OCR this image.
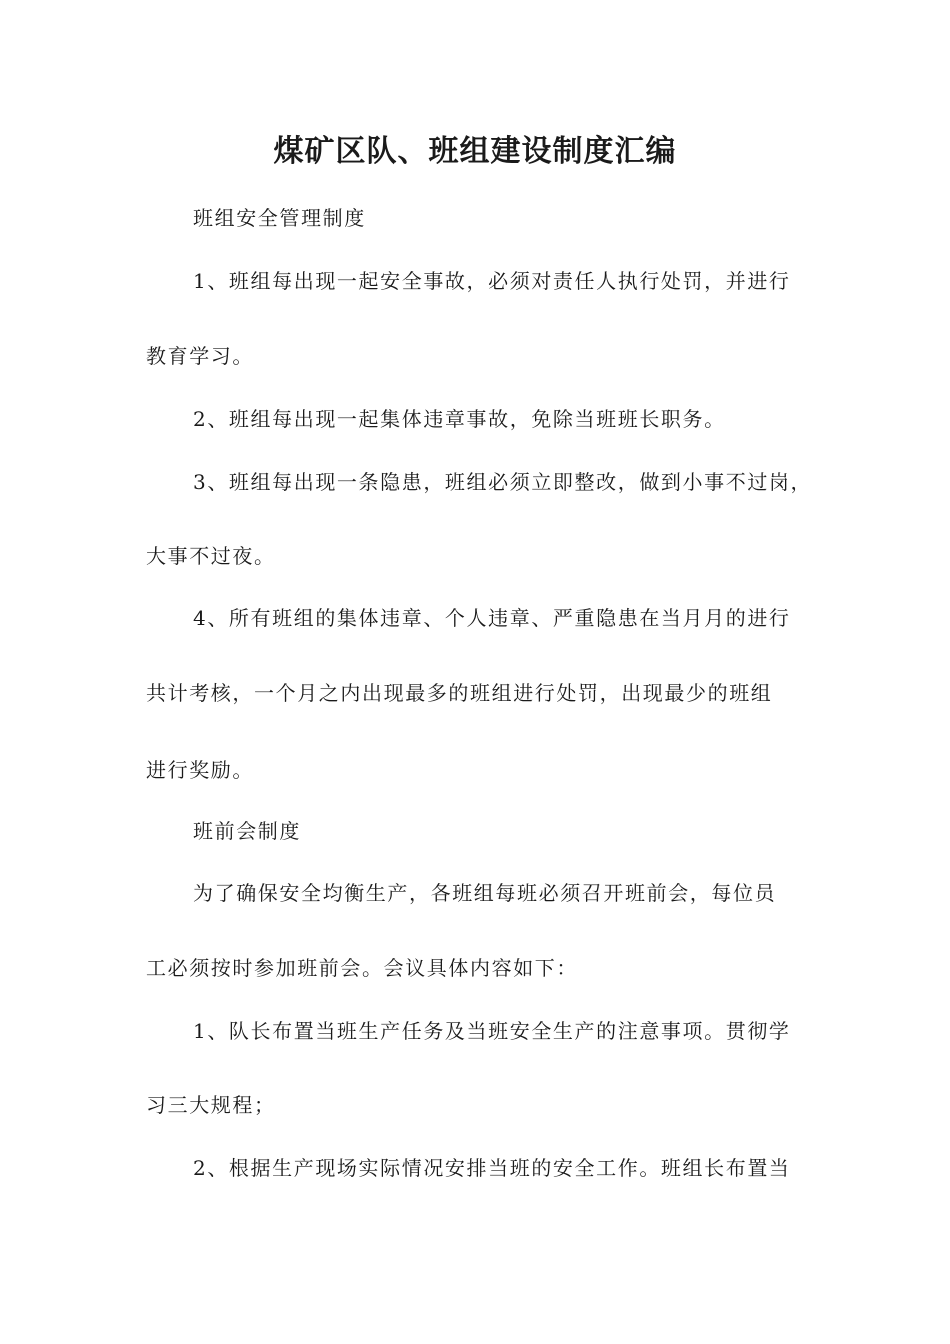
煤矿区队、班组建设制度汇编
班组安全管理制度
1、班组每出现一起安全事故，必须对责任人执行处罚，并进行
教育学习。
2、班组每出现一起集体违章事故，免除当班班长职务。
3、班组每出现一条隐患，班组必须立即整改，做到小事不过岗，
大事不过夜。
4、所有班组的集体违章、个人违章、严重隐患在当月月的进行
共计考核，一个月之内出现最多的班组进行处罚，出现最少的班组
进行奖励。
班前会制度
为了确保安全均衡生产，各班组每班必须召开班前会，每位员
工必须按时参加班前会。会议具体内容如下：
1、队长布置当班生产任务及当班安全生产的注意事项。贯彻学
习三大规程；
2、根据生产现场实际情况安排当班的安全工作。班组长布置当
